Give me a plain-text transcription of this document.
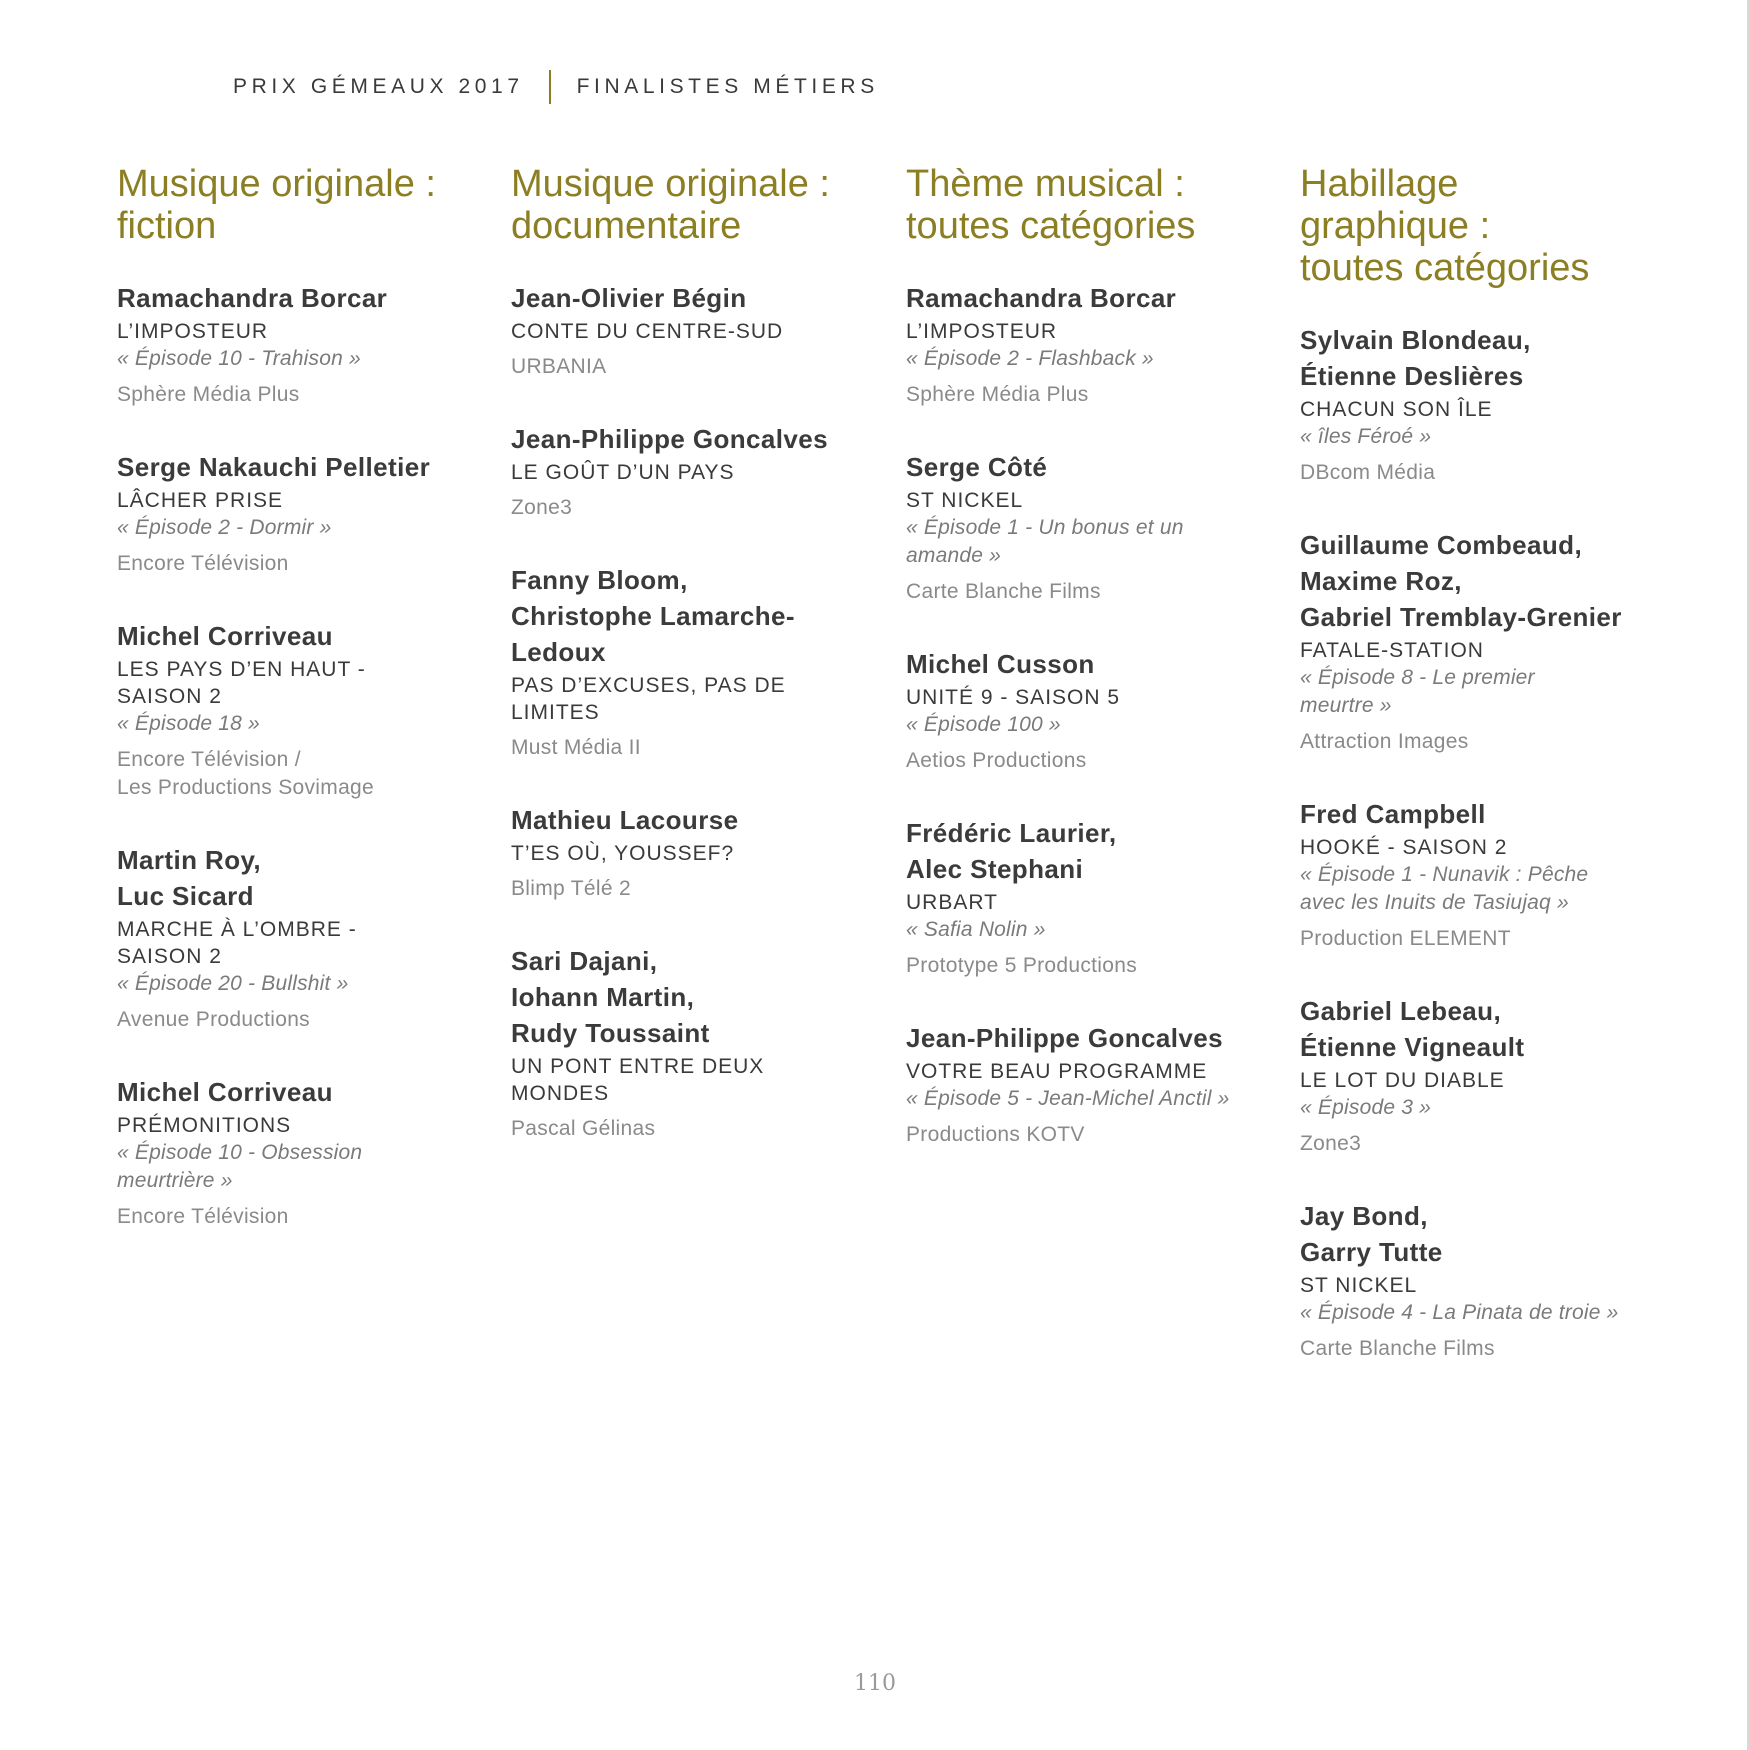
PRIX GÉMEAUX 2017	FINALISTES MÉTIERS
Musique originale :
fiction
Ramachandra Borcar
L’IMPOSTEUR
« Épisode 10 - Trahison »
Sphère Média Plus
Serge Nakauchi Pelletier
LÂCHER PRISE
« Épisode 2 - Dormir »
Encore Télévision
Michel Corriveau
LES PAYS D’EN HAUT -
SAISON 2
« Épisode 18 »
Encore Télévision /
Les Productions Sovimage
Martin Roy,
Luc Sicard
MARCHE À L’OMBRE -
SAISON 2
« Épisode 20 - Bullshit »
Avenue Productions
Michel Corriveau
PRÉMONITIONS
« Épisode 10 - Obsession
meurtrière »
Encore Télévision
Musique originale :
documentaire
Jean-Olivier Bégin
CONTE DU CENTRE-SUD
URBANIA
Jean-Philippe Goncalves
LE GOÛT D’UN PAYS
Zone3
Fanny Bloom,
Christophe Lamarche-
Ledoux
PAS D’EXCUSES, PAS DE
LIMITES
Must Média II
Mathieu Lacourse
T’ES OÙ, YOUSSEF?
Blimp Télé 2
Sari Dajani,
Iohann Martin,
Rudy Toussaint
UN PONT ENTRE DEUX
MONDES
Pascal Gélinas
Thème musical :
toutes catégories
Ramachandra Borcar
L’IMPOSTEUR
« Épisode 2 - Flashback »
Sphère Média Plus
Serge Côté
ST NICKEL
« Épisode 1 - Un bonus et un
amande »
Carte Blanche Films
Michel Cusson
UNITÉ 9 - SAISON 5
« Épisode 100 »
Aetios Productions
Frédéric Laurier,
Alec Stephani
URBART
« Safia Nolin »
Prototype 5 Productions
Jean-Philippe Goncalves
VOTRE BEAU PROGRAMME
« Épisode 5 - Jean-Michel Anctil »
Productions KOTV
Habillage
graphique :
toutes catégories
Sylvain Blondeau,
Étienne Deslières
CHACUN SON ÎLE
« îles Féroé »
DBcom Média
Guillaume Combeaud,
Maxime Roz,
Gabriel Tremblay-Grenier
FATALE-STATION
« Épisode 8 - Le premier
meurtre »
Attraction Images
Fred Campbell
HOOKÉ - SAISON 2
« Épisode 1 - Nunavik : Pêche
avec les Inuits de Tasiujaq »
Production ELEMENT
Gabriel Lebeau,
Étienne Vigneault
LE LOT DU DIABLE
« Épisode 3 »
Zone3
Jay Bond,
Garry Tutte
ST NICKEL
« Épisode 4 - La Pinata de troie »
Carte Blanche Films
110
